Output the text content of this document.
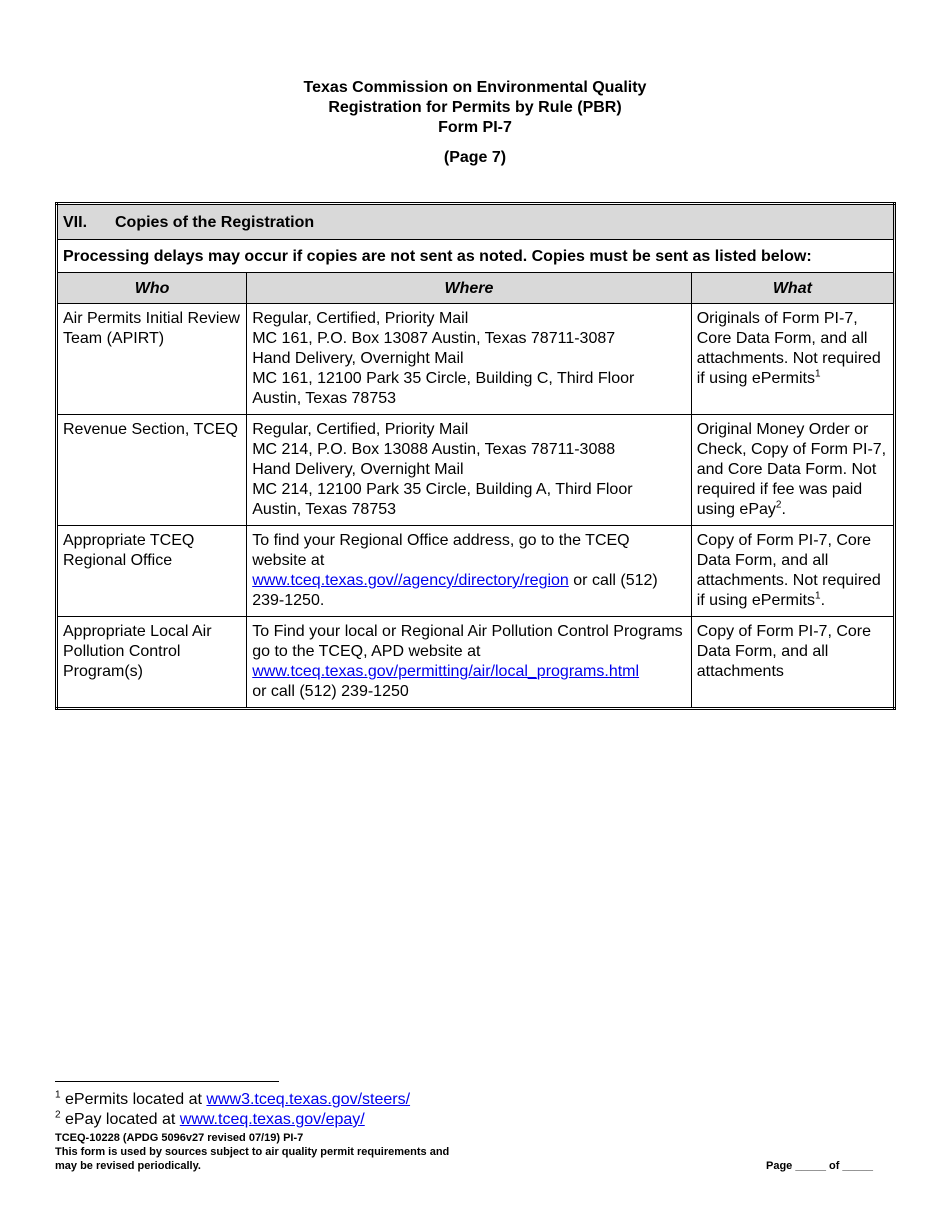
Texas Commission on Environmental Quality
Registration for Permits by Rule (PBR)
Form PI-7
(Page 7)
VII. Copies of the Registration		
Processing delays may occur if copies are not sent as noted. Copies must be sent as listed below:		
Who	Where	What
Air Permits Initial Review Team (APIRT)	Regular, Certified, Priority Mail
MC 161, P.O. Box 13087 Austin, Texas 78711-3087
Hand Delivery, Overnight Mail
MC 161, 12100 Park 35 Circle, Building C, Third Floor
Austin, Texas 78753	Originals of Form PI-7, Core Data Form, and all attachments. Not required if using ePermits$^1$
Revenue Section, TCEQ	Regular, Certified, Priority Mail
MC 214, P.O. Box 13088 Austin, Texas 78711-3088
Hand Delivery, Overnight Mail
MC 214, 12100 Park 35 Circle, Building A, Third Floor
Austin, Texas 78753	Original Money Order or Check, Copy of Form PI-7, and Core Data Form. Not required if fee was paid using ePay$^2$.
Appropriate TCEQ Regional Office	To find your Regional Office address, go to the TCEQ website at
www.tceq.texas.gov//agency/directory/region or call (512) 239-1250.	Copy of Form PI-7, Core Data Form, and all attachments. Not required if using ePermits$^1$.
Appropriate Local Air Pollution Control Program(s)	To Find your local or Regional Air Pollution Control Programs go to the TCEQ, APD website at
www.tceq.texas.gov/permitting/air/local_programs.html
or call (512) 239-1250	Copy of Form PI-7, Core Data Form, and all attachments
$^1$ ePermits located at www3.tceq.texas.gov/steers/
$^2$ ePay located at www.tceq.texas.gov/epay/
TCEQ-10228 (APDG 5096v27 revised 07/19) PI-7
This form is used by sources subject to air quality permit requirements and
may be revised periodically.	Page _____ of _____
